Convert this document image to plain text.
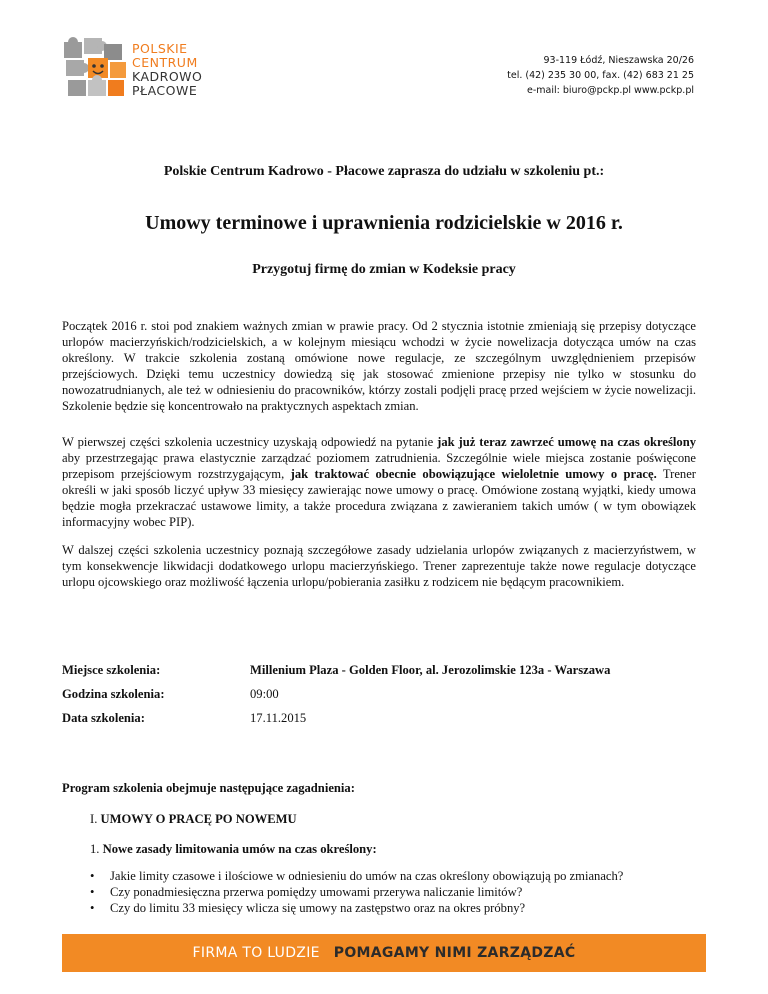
POLSKIE
CENTRUM
KADROWO
PŁACOWE
93-119 Łódź, Nieszawska 20/26
tel. (42) 235 30 00, fax. (42) 683 21 25
e-mail: biuro@pckp.pl www.pckp.pl
Polskie Centrum Kadrowo - Płacowe zaprasza do udziału w szkoleniu pt.:
Umowy terminowe i uprawnienia rodzicielskie w 2016 r.
Przygotuj firmę do zmian w Kodeksie pracy

Początek 2016 r. stoi pod znakiem ważnych zmian w prawie pracy. Od 2 stycznia istotnie zmieniają się przepisy dotyczące urlopów macierzyńskich/rodzicielskich, a w kolejnym miesiącu wchodzi w życie nowelizacja dotycząca umów na czas określony. W trakcie szkolenia zostaną omówione nowe regulacje, ze szczególnym uwzględnieniem przepisów przejściowych. Dzięki temu uczestnicy dowiedzą się jak stosować zmienione przepisy nie tylko w stosunku do nowozatrudnianych, ale też w odniesieniu do pracowników, którzy zostali podjęli pracę przed wejściem w życie nowelizacji. Szkolenie będzie się koncentrowało na praktycznych aspektach zmian.

W pierwszej części szkolenia uczestnicy uzyskają odpowiedź na pytanie jak już teraz zawrzeć umowę na czas określony aby przestrzegając prawa elastycznie zarządzać poziomem zatrudnienia. Szczególnie wiele miejsca zostanie poświęcone przepisom przejściowym rozstrzygającym, jak traktować obecnie obowiązujące wieloletnie umowy o pracę. Trener określi w jaki sposób liczyć upływ 33 miesięcy zawierając nowe umowy o pracę. Omówione zostaną wyjątki, kiedy umowa będzie mogła przekraczać ustawowe limity, a także procedura związana z zawieraniem takich umów ( w tym obowiązek informacyjny wobec PIP).

W dalszej części szkolenia uczestnicy poznają szczegółowe zasady udzielania urlopów związanych z macierzyństwem, w tym konsekwencje likwidacji dodatkowego urlopu macierzyńskiego. Trener zaprezentuje także nowe regulacje dotyczące urlopu ojcowskiego oraz możliwość łączenia urlopu/pobierania zasiłku z rodzicem nie będącym pracownikiem.

Miejsce szkolenia:	Millenium Plaza - Golden Floor, al. Jerozolimskie 123a - Warszawa
Godzina szkolenia:	09:00
Data szkolenia:	17.11.2015
Program szkolenia obejmuje następujące zagadnienia:
I. UMOWY O PRACĘ PO NOWEMU
1. Nowe zasady limitowania umów na czas określony:
•	Jakie limity czasowe i ilościowe w odniesieniu do umów na czas określony obowiązują po zmianach?
•	Czy ponadmiesięczna przerwa pomiędzy umowami przerywa naliczanie limitów?
•	Czy do limitu 33 miesięcy wlicza się umowy na zastępstwo oraz na okres próbny?
FIRMA TO LUDZIE POMAGAMY NIMI ZARZĄDZAĆ
